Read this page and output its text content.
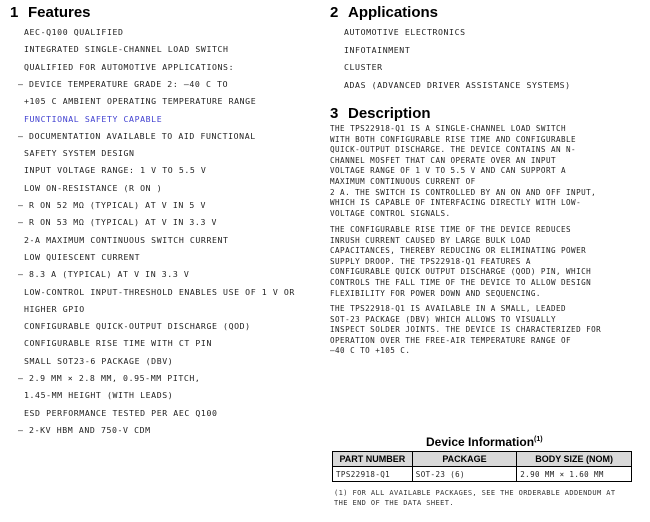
1 Features
AEC-Q100 QUALIFIED
INTEGRATED SINGLE-CHANNEL LOAD SWITCH
QUALIFIED FOR AUTOMOTIVE APPLICATIONS:
– DEVICE TEMPERATURE GRADE 2: –40 C TO
+105 C AMBIENT OPERATING TEMPERATURE RANGE
FUNCTIONAL SAFETY CAPABLE
– DOCUMENTATION AVAILABLE TO AID FUNCTIONAL
SAFETY SYSTEM DESIGN
INPUT VOLTAGE RANGE: 1 V TO 5.5 V
LOW ON-RESISTANCE (R ON )
– R ON 52 MΩ (TYPICAL) AT V IN 5 V
– R ON 53 MΩ (TYPICAL) AT V IN 3.3 V
2-A MAXIMUM CONTINUOUS SWITCH CURRENT
LOW QUIESCENT CURRENT
– 8.3 A (TYPICAL) AT V IN 3.3 V
LOW-CONTROL INPUT-THRESHOLD ENABLES USE OF 1 V OR
HIGHER GPIO
CONFIGURABLE QUICK-OUTPUT DISCHARGE (QOD)
CONFIGURABLE RISE TIME WITH CT PIN
SMALL SOT23-6 PACKAGE (DBV)
– 2.9 MM × 2.8 MM, 0.95-MM PITCH,
1.45-MM HEIGHT (WITH LEADS)
ESD PERFORMANCE TESTED PER AEC Q100
– 2-KV HBM AND 750-V CDM
2 Applications
AUTOMOTIVE ELECTRONICS
INFOTAINMENT
CLUSTER
ADAS (ADVANCED DRIVER ASSISTANCE SYSTEMS)
3 Description
THE TPS22918-Q1 IS A SINGLE-CHANNEL LOAD SWITCH
WITH BOTH CONFIGURABLE RISE TIME AND CONFIGURABLE
QUICK-OUTPUT DISCHARGE. THE DEVICE CONTAINS AN N-
CHANNEL MOSFET THAT CAN OPERATE OVER AN INPUT
VOLTAGE RANGE OF 1 V TO 5.5 V AND CAN SUPPORT A
MAXIMUM CONTINUOUS CURRENT OF
2 A. THE SWITCH IS CONTROLLED BY AN ON AND OFF INPUT,
WHICH IS CAPABLE OF INTERFACING DIRECTLY WITH LOW-
VOLTAGE CONTROL SIGNALS.
THE CONFIGURABLE RISE TIME OF THE DEVICE REDUCES
INRUSH CURRENT CAUSED BY LARGE BULK LOAD
CAPACITANCES, THEREBY REDUCING OR ELIMINATING POWER
SUPPLY DROOP. THE TPS22918-Q1 FEATURES A
CONFIGURABLE QUICK OUTPUT DISCHARGE (QOD) PIN, WHICH
CONTROLS THE FALL TIME OF THE DEVICE TO ALLOW DESIGN
FLEXIBILITY FOR POWER DOWN AND SEQUENCING.
THE TPS22918-Q1 IS AVAILABLE IN A SMALL, LEADED
SOT-23 PACKAGE (DBV) WHICH ALLOWS TO VISUALLY
INSPECT SOLDER JOINTS. THE DEVICE IS CHARACTERIZED FOR
OPERATION OVER THE FREE-AIR TEMPERATURE RANGE OF
–40 C TO +105 C.
Device Information$^{(1)}$
PART NUMBER	PACKAGE	BODY SIZE (NOM)
TPS22918-Q1	SOT-23 (6)	2.90 MM × 1.60 MM
(1) FOR ALL AVAILABLE PACKAGES, SEE THE ORDERABLE ADDENDUM AT
THE END OF THE DATA SHEET.
